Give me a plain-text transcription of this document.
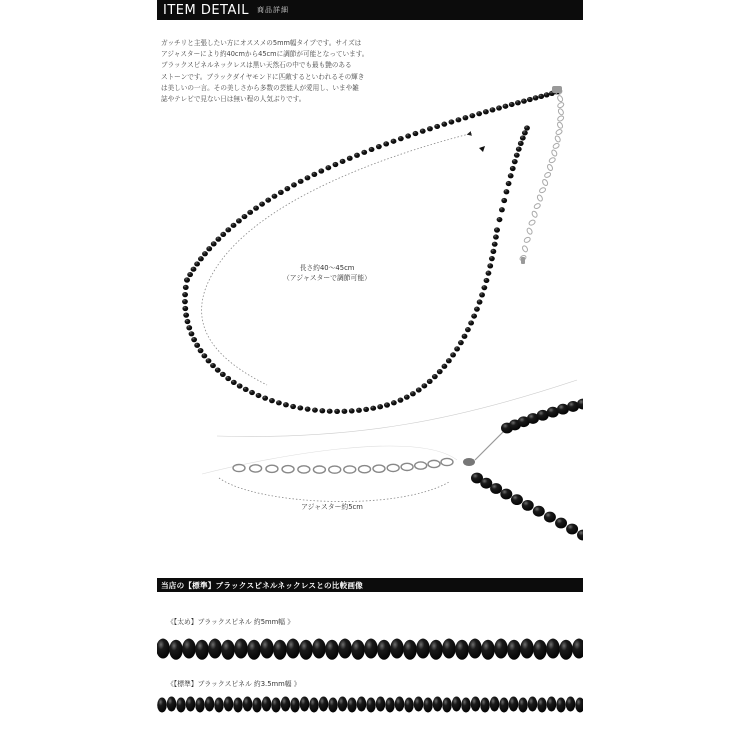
ITEM DETAIL 商品詳細
ガッチリと主張したい方にオススメの5mm幅タイプです。サイズは
アジャスターにより約40cmから45cmに調節が可能となっています。
ブラックスピネルネックレスは黒い天然石の中でも最も艶のある
ストーンです。ブラックダイヤモンドに匹敵するといわれるその輝き
は美しいの一言。その美しさから多数の芸能人が愛用し、いまや雑
誌やテレビで見ない日は無い程の人気ぶりです。
長さ約40〜45cm
（アジャスターで調節可能）
アジャスター約5cm
当店の【標準】ブラックスピネルネックレスとの比較画像
《【太め】ブラックスピネル 約5mm幅 》
《【標準】ブラックスピネル 約3.5mm幅 》
